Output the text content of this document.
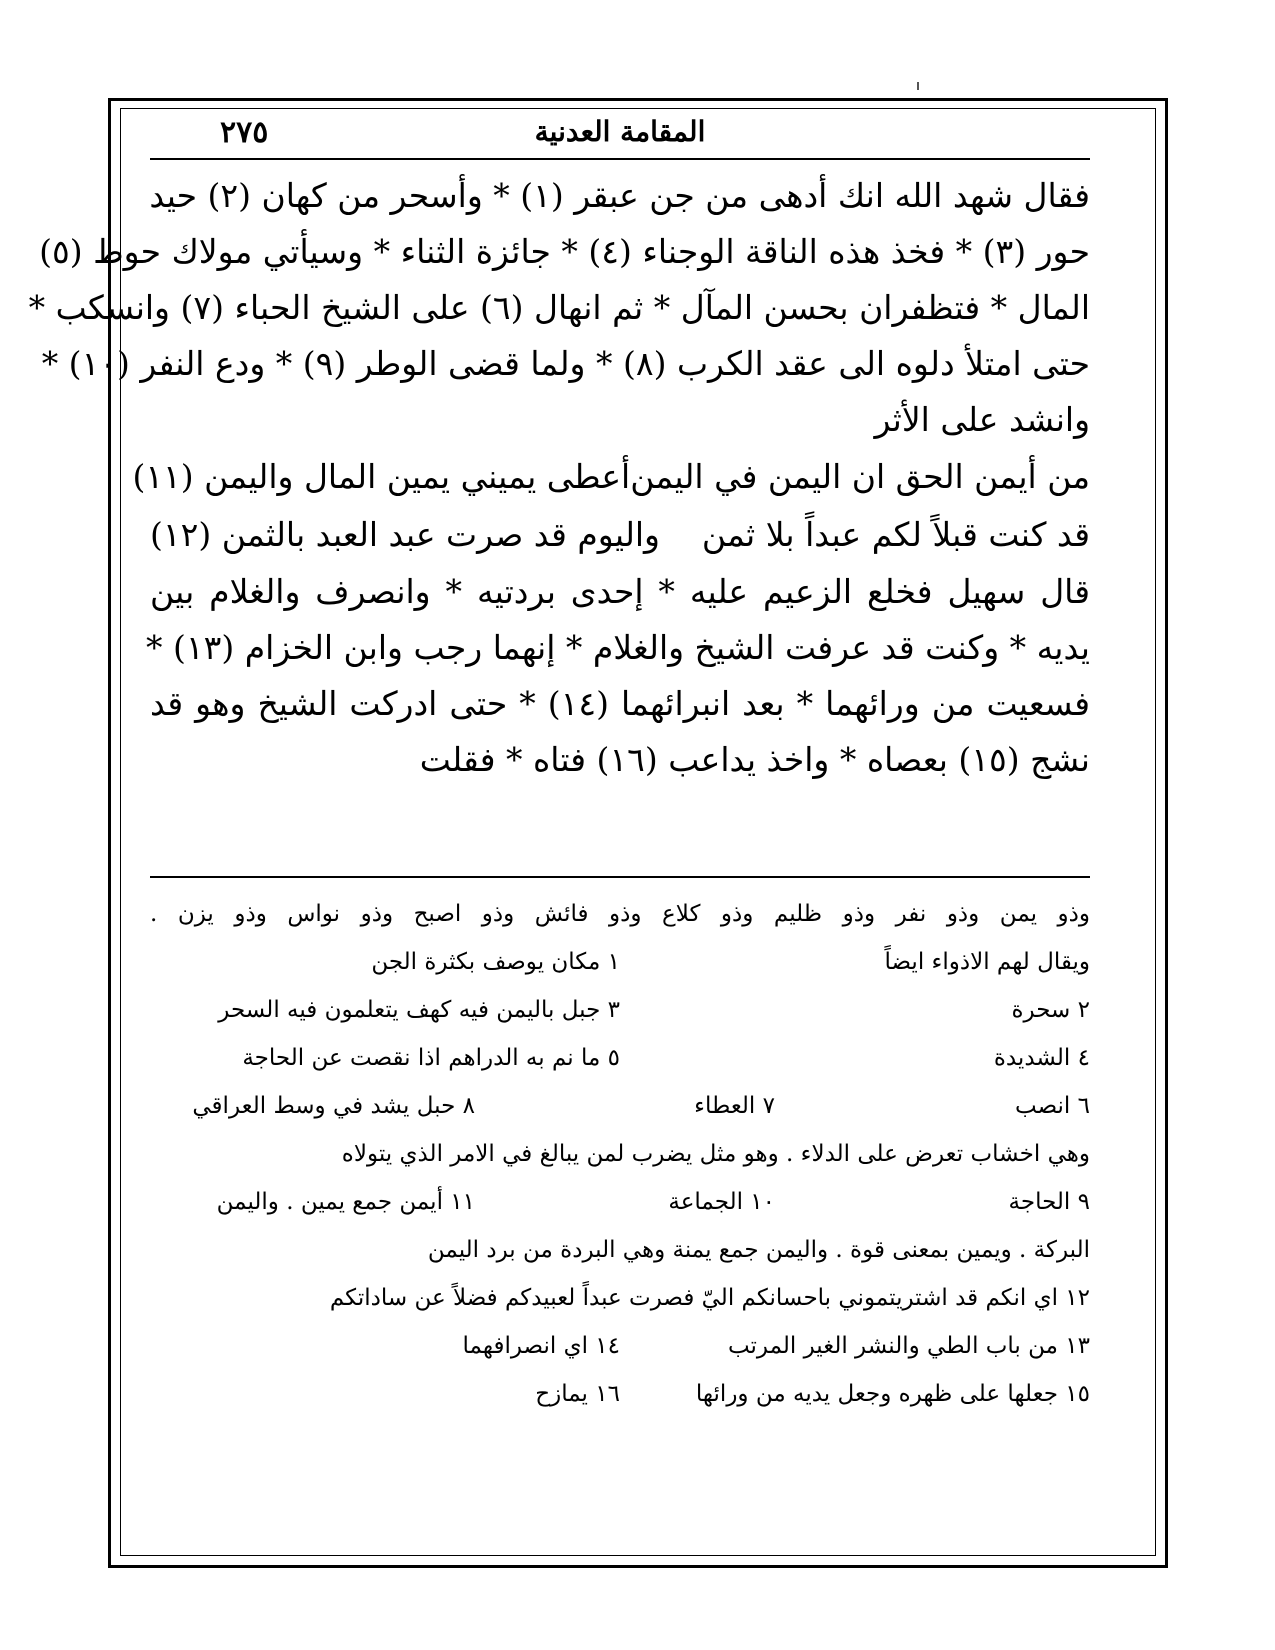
المقامة العدنية
٢٧٥
فقال شهد الله انك أدهى من جن عبقر (١) * وأسحر من كهان (٢) حيد
حور (٣) * فخذ هذه الناقة الوجناء (٤) * جائزة الثناء * وسيأتي مولاك حوط (٥)
المال * فتظفران بحسن المآل * ثم انهال (٦) على الشيخ الحباء (٧) وانسكب *
حتى امتلأ دلوه الى عقد الكرب (٨) * ولما قضى الوطر (٩) * ودع النفر (١٠) *
وانشد على الأثر
من أيمن الحق ان اليمن في اليمن
أعطى يميني يمين المال واليمن (١١)
قد كنت قبلاً لكم عبداً بلا ثمن
واليوم قد صرت عبد العبد بالثمن (١٢)
قال سهيل فخلع الزعيم عليه * إحدى بردتيه * وانصرف والغلام بين
يديه * وكنت قد عرفت الشيخ والغلام * إنهما رجب وابن الخزام (١٣) *
فسعيت من ورائهما * بعد انبرائهما (١٤) * حتى ادركت الشيخ وهو قد
نشج (١٥) بعصاه * واخذ يداعب (١٦) فتاه * فقلت
وذو يمن وذو نفر وذو ظليم وذو كلاع وذو فائش وذو اصبح وذو نواس وذو يزن .
ويقال لهم الاذواء ايضاً
١ مكان يوصف بكثرة الجن
٢ سحرة
٣ جبل باليمن فيه كهف يتعلمون فيه السحر
٤ الشديدة
٥ ما نم به الدراهم اذا نقصت عن الحاجة
٦ انصب
٧ العطاء
٨ حبل يشد في وسط العراقي
وهي اخشاب تعرض على الدلاء . وهو مثل يضرب لمن يبالغ في الامر الذي يتولاه
٩ الحاجة
١٠ الجماعة
١١ أيمن جمع يمين . واليمن
البركة . ويمين بمعنى قوة . واليمن جمع يمنة وهي البردة من برد اليمن
١٢ اي انكم قد اشتريتموني باحسانكم اليّ فصرت عبداً لعبيدكم فضلاً عن ساداتكم
١٣ من باب الطي والنشر الغير المرتب
١٤ اي انصرافهما
١٥ جعلها على ظهره وجعل يديه من ورائها
١٦ يمازح
